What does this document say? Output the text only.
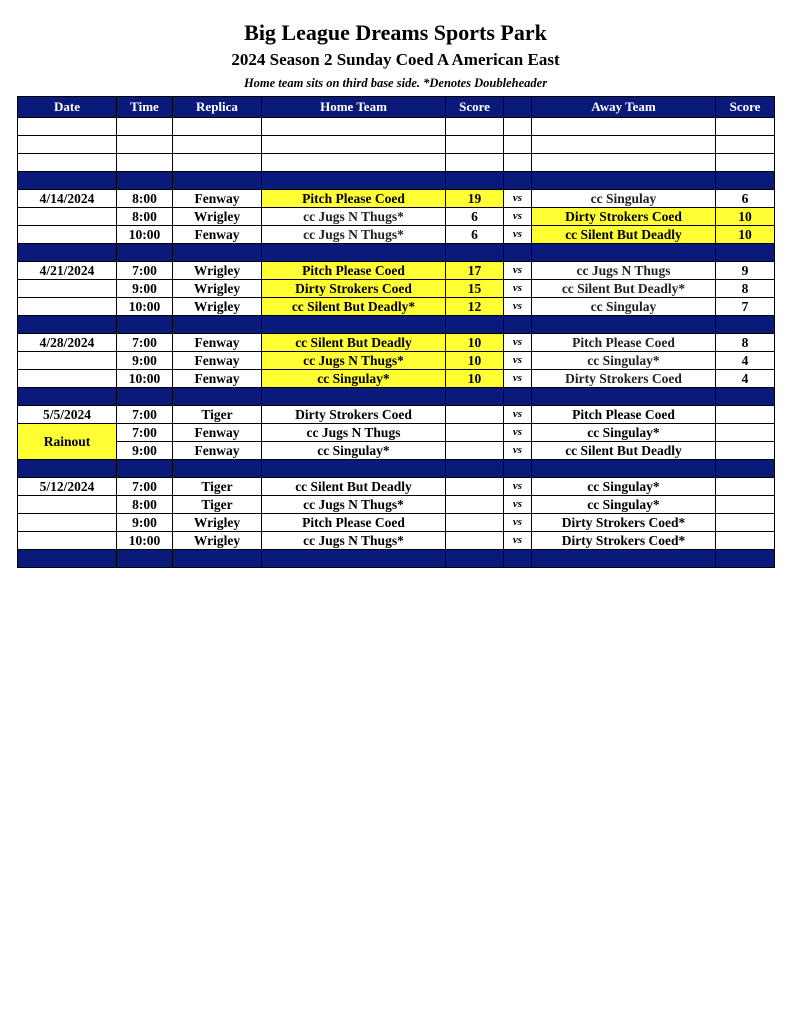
Big League Dreams Sports Park
2024 Season 2 Sunday Coed A American East
Home team sits on third base side. *Denotes Doubleheader
Date	Time	Replica	Home Team	Score		Away Team	Score

4/14/2024	8:00	Fenway	Pitch Please Coed	19	vs	cc Singulay	6
	8:00	Wrigley	cc Jugs N Thugs*	6	vs	Dirty Strokers Coed	10
	10:00	Fenway	cc Jugs N Thugs*	6	vs	cc Silent But Deadly	10

4/21/2024	7:00	Wrigley	Pitch Please Coed	17	vs	cc Jugs N Thugs	9
	9:00	Wrigley	Dirty Strokers Coed	15	vs	cc Silent But Deadly*	8
	10:00	Wrigley	cc Silent But Deadly*	12	vs	cc Singulay	7

4/28/2024	7:00	Fenway	cc Silent But Deadly	10	vs	Pitch Please Coed	8
	9:00	Fenway	cc Jugs N Thugs*	10	vs	cc Singulay*	4
	10:00	Fenway	cc Singulay*	10	vs	Dirty Strokers Coed	4

5/5/2024	7:00	Tiger	Dirty Strokers Coed		vs	Pitch Please Coed	
Rainout	7:00	Fenway	cc Jugs N Thugs		vs	cc Singulay*	
	9:00	Fenway	cc Singulay*		vs	cc Silent But Deadly	

5/12/2024	7:00	Tiger	cc Silent But Deadly		vs	cc Singulay*	
	8:00	Tiger	cc Jugs N Thugs*		vs	cc Singulay*	
	9:00	Wrigley	Pitch Please Coed		vs	Dirty Strokers Coed*	
	10:00	Wrigley	cc Jugs N Thugs*		vs	Dirty Strokers Coed*	
